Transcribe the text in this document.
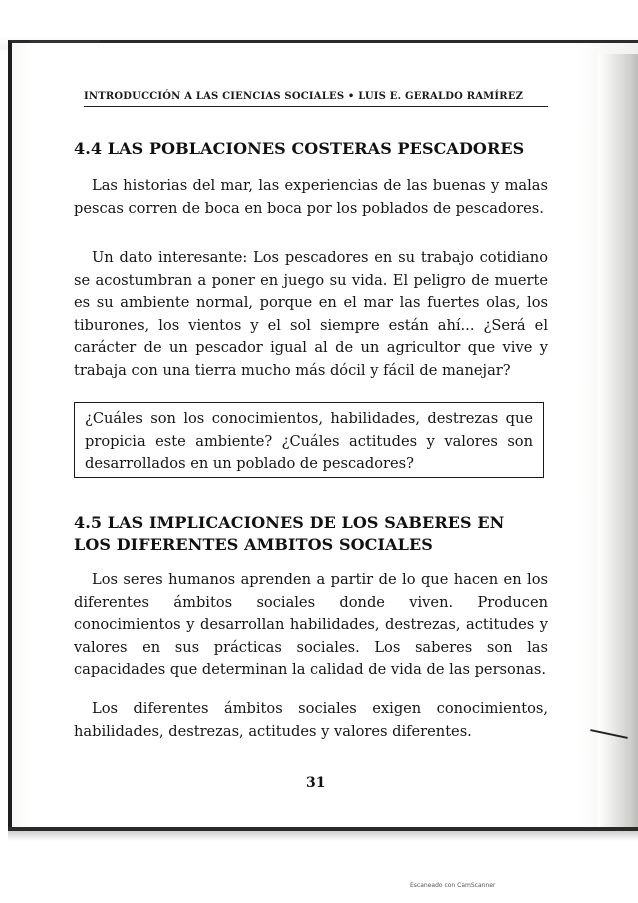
INTRODUCCIÓN A LAS CIENCIAS SOCIALES • LUIS E. GERALDO RAMÍREZ
4.4 LAS POBLACIONES COSTERAS PESCADORES
Las historias del mar, las experiencias de las buenas y malas pescas corren de boca en boca por los poblados de pescadores.
Un dato interesante: Los pescadores en su trabajo cotidiano se acostumbran a poner en juego su vida. El peligro de muerte es su ambiente normal, porque en el mar las fuertes olas, los tiburones, los vientos y el sol siempre están ahí... ¿Será el carácter de un pescador igual al de un agricultor que vive y trabaja con una tierra mucho más dócil y fácil de manejar?
¿Cuáles son los conocimientos, habilidades, destrezas que propicia este ambiente? ¿Cuáles actitudes y valores son desarrollados en un poblado de pescadores?
4.5 LAS IMPLICACIONES DE LOS SABERES EN
LOS DIFERENTES AMBITOS SOCIALES
Los seres humanos aprenden a partir de lo que hacen en los diferentes ámbitos sociales donde viven. Producen conocimientos y desarrollan habilidades, destrezas, actitudes y valores en sus prácticas sociales. Los saberes son las capacidades que determinan la calidad de vida de las personas.
Los diferentes ámbitos sociales exigen conocimientos, habilidades, destrezas, actitudes y valores diferentes.
31
Escaneado con CamScanner
